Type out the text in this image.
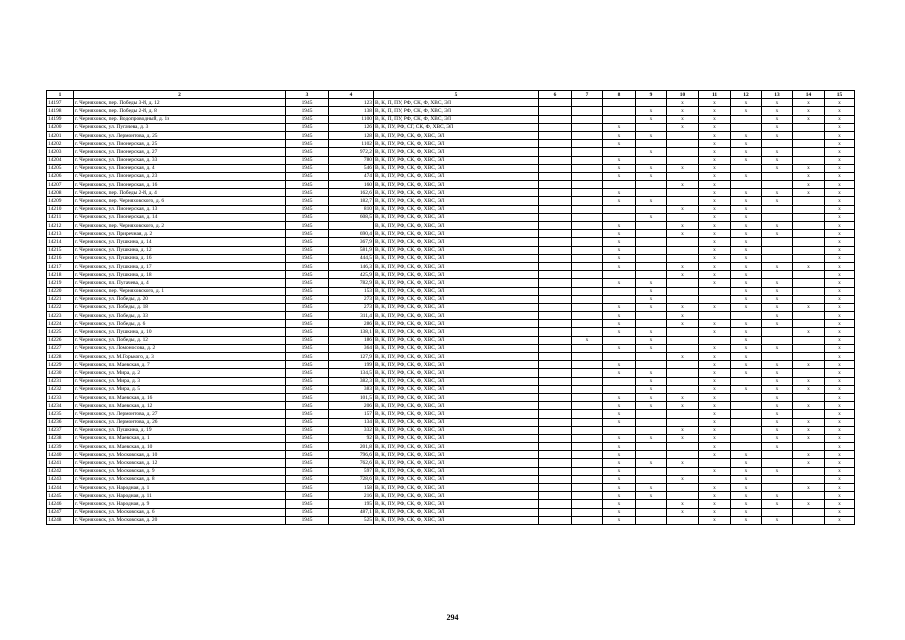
1	2	3	4	5	6	7	8	9	10	11	12	13	14	15
14197	г. Черняховск, пер. Победы 3-й, д. 12	1945	123	В, К, П, ПУ, РФ, СК, Ф, ХВС, ЭЛ					x	x	x	x	x	x
14198	г. Черняховск, пер. Победы 2-й, д. 8	1945	138	В, К, П, ПУ, РФ, СК, Ф, ХВС, ЭЛ				x	x	x	x	x	x	x
14199	г. Черняховск, пер. Водопроводный, д. 1з	1945	1100	В, К, П, ПУ, РФ, СК, Ф, ХВС, ЭЛ				x	x	x		x	x	x
14200	г. Черняховск, ул. Пугачева, д. 3	1945	126	В, К, ПУ, РФ, СГ, СК, Ф, ХВС, ЭЛ			x		x	x		x		x
14201	г. Черняховск, ул. Лермонтова, д. 25	1945	128	В, К, ПУ, РФ, СК, Ф, ХВС, ЭЛ			x	x		x	x	x		x
14202	г. Черняховск, ул. Пионерская, д. 25	1945	1102	В, К, ПУ, РФ, СК, Ф, ХВС, ЭЛ			x			x	x			x
14203	г. Черняховск, ул. Пионерская, д. 27	1945	972,2	В, К, ПУ, РФ, СК, Ф, ХВС, ЭЛ				x		x	x	x		x
14204	г. Черняховск, ул. Пионерская, д. 33	1945	780	В, К, ПУ, РФ, СК, Ф, ХВС, ЭЛ			x			x	x	x		x
14205	г. Черняховск, ул. Пионерская, д. 4	1945	546	В, К, ПУ, РФ, СК, Ф, ХВС, ЭЛ			x	x	x	x		x	x	x
14206	г. Черняховск, ул. Пионерская, д. 23	1945	474	В, К, ПУ, РФ, СК, Ф, ХВС, ЭЛ			x	x		x	x		x	x
14207	г. Черняховск, ул. Пионерская, д. 16	1945	160	В, К, ПУ, РФ, СК, Ф, ХВС, ЭЛ					x	x			x	x
14208	г. Черняховск, пер. Победы 2-й, д. 4	1945	162,6	В, К, ПУ, РФ, СК, Ф, ХВС, ЭЛ			x			x	x	x	x	x
14209	г. Черняховск, пер. Черняховского, д. 6	1945	182,7	В, К, ПУ, РФ, СК, Ф, ХВС, ЭЛ			x	x		x	x	x		x
14210	г. Черняховск, ул. Пионерская, д. 13	1945	810	В, К, ПУ, РФ, СК, Ф, ХВС, ЭЛ					x	x	x			x
14211	г. Черняховск, ул. Пионерская, д. 14	1945	608,5	В, К, ПУ, РФ, СК, Ф, ХВС, ЭЛ				x		x	x			x
14212	г. Черняховск, пер. Черняховского, д. 2	1945		В, К, ПУ, РФ, СК, Ф, ХВС, ЭЛ			x		x	x	x	x		x
14213	г. Черняховск, ул. Приречная, д. 2	1945	690,4	В, К, ПУ, РФ, СК, Ф, ХВС, ЭЛ			x		x	x	x	x		x
14214	г. Черняховск, ул. Пушкина, д. 14	1945	367,9	В, К, ПУ, РФ, СК, Ф, ХВС, ЭЛ			x			x	x			x
14215	г. Черняховск, ул. Пушкина, д. 12	1945	581,9	В, К, ПУ, РФ, СК, Ф, ХВС, ЭЛ			x			x	x			x
14216	г. Черняховск, ул. Пушкина, д. 16	1945	444,5	В, К, ПУ, РФ, СК, Ф, ХВС, ЭЛ			x			x	x			x
14217	г. Черняховск, ул. Пушкина, д. 17	1945	146,3	В, К, ПУ, РФ, СК, Ф, ХВС, ЭЛ			x		x	x	x	x	x	x
14218	г. Черняховск, ул. Пушкина, д. 18	1945	425,9	В, К, ПУ, РФ, СК, Ф, ХВС, ЭЛ					x	x	x			x
14219	г. Черняховск, пл. Пугачева, д. 4	1945	782,9	В, К, ПУ, РФ, СК, Ф, ХВС, ЭЛ			x	x		x	x	x		x
14220	г. Черняховск, пер. Черняховского, д. 1	1945	153	В, К, ПУ, РФ, СК, Ф, ХВС, ЭЛ				x			x	x		x
14221	г. Черняховск, ул. Победы, д. 20	1945	273	В, К, ПУ, РФ, СК, Ф, ХВС, ЭЛ				x			x	x		x
14222	г. Черняховск, ул. Победы, д. 18	1945	273	В, К, ПУ, РФ, СК, Ф, ХВС, ЭЛ			x	x	x	x	x	x	x	x
14223	г. Черняховск, ул. Победы, д. 33	1945	311,4	В, К, ПУ, РФ, СК, Ф, ХВС, ЭЛ			x		x			x		x
14224	г. Черняховск, ул. Победы, д. 6	1945	286	В, К, ПУ, РФ, СК, Ф, ХВС, ЭЛ			x		x	x	x	x		x
14225	г. Черняховск, ул. Пушкина, д. 10	1945	138,1	В, К, ПУ, РФ, СК, Ф, ХВС, ЭЛ			x	x		x	x		x	x
14226	г. Черняховск, ул. Победы, д. 12	1945	186	В, К, ПУ, РФ, СК, Ф, ХВС, ЭЛ		x		x			x			x
14227	г. Черняховск, ул. Ломоносова, д. 2	1945	364	В, К, ПУ, РФ, СК, Ф, ХВС, ЭЛ			x	x		x	x	x		x
14228	г. Черняховск, ул. М.Горького, д. 3	1945	127,9	В, К, ПУ, РФ, СК, Ф, ХВС, ЭЛ					x	x	x			x
14229	г. Черняховск, пл. Маевская, д. 7	1945	199	В, К, ПУ, РФ, СК, Ф, ХВС, ЭЛ			x			x	x	x	x	x
14230	г. Черняховск, ул. Мира, д. 2	1945	134,5	В, К, ПУ, РФ, СК, Ф, ХВС, ЭЛ			x	x		x	x	x		x
14231	г. Черняховск, ул. Мира, д. 3	1945	382,3	В, К, ПУ, РФ, СК, Ф, ХВС, ЭЛ				x		x		x	x	x
14232	г. Черняховск, ул. Мира, д. 5	1945	383	В, К, ПУ, РФ, СК, Ф, ХВС, ЭЛ				x		x	x	x	x	x
14233	г. Черняховск, пл. Маевская, д. 16	1945	101,5	В, К, ПУ, РФ, СК, Ф, ХВС, ЭЛ			x	x	x	x		x		x
14234	г. Черняховск, пл. Маевская, д. 12	1945	206	В, К, ПУ, РФ, СК, Ф, ХВС, ЭЛ			x	x	x	x		x	x	x
14235	г. Черняховск, ул. Лермонтова, д. 27	1945	157	В, К, ПУ, РФ, СК, Ф, ХВС, ЭЛ			x			x		x		x
14236	г. Черняховск, ул. Лермонтова, д. 26	1945	134	В, К, ПУ, РФ, СК, Ф, ХВС, ЭЛ			x			x		x	x	x
14237	г. Черняховск, ул. Пушкина, д. 19	1945	332	В, К, ПУ, РФ, СК, Ф, ХВС, ЭЛ					x	x		x	x	x
14238	г. Черняховск, пл. Маевская, д. 1	1945	92	В, К, ПУ, РФ, СК, Ф, ХВС, ЭЛ			x	x	x	x		x	x	x
14239	г. Черняховск, пл. Маевская, д. 10	1945	201,8	В, К, ПУ, РФ, СК, Ф, ХВС, ЭЛ			x			x		x		x
14240	г. Черняховск, ул. Московская, д. 10	1945	796,6	В, К, ПУ, РФ, СК, Ф, ХВС, ЭЛ			x			x	x		x	x
14241	г. Черняховск, ул. Московская, д. 12	1945	762,6	В, К, ПУ, РФ, СК, Ф, ХВС, ЭЛ			x	x	x		x		x	x
14242	г. Черняховск, ул. Московская, д. 9	1945	597	В, К, ПУ, РФ, СК, Ф, ХВС, ЭЛ			x			x	x	x		x
14243	г. Черняховск, ул. Московская, д. 8	1945	728,6	В, К, ПУ, РФ, СК, Ф, ХВС, ЭЛ			x		x		x			x
14244	г. Черняховск, ул. Народная, д. 1	1945	158	В, К, ПУ, РФ, СК, Ф, ХВС, ЭЛ			x	x		x	x		x	x
14245	г. Черняховск, ул. Народная, д. 11	1945	216	В, К, ПУ, РФ, СК, Ф, ХВС, ЭЛ			x	x		x	x	x		x
14246	г. Черняховск, ул. Народная, д. 9	1945	195	В, К, ПУ, РФ, СК, Ф, ХВС, ЭЛ			x		x	x	x	x	x	x
14247	г. Черняховск, ул. Московская, д. 6	1945	487,1	В, К, ПУ, РФ, СК, Ф, ХВС, ЭЛ			x		x	x	x			x
14248	г. Черняховск, ул. Московская, д. 20	1945	525	В, К, ПУ, РФ, СК, Ф, ХВС, ЭЛ			x			x	x	x		x
294
